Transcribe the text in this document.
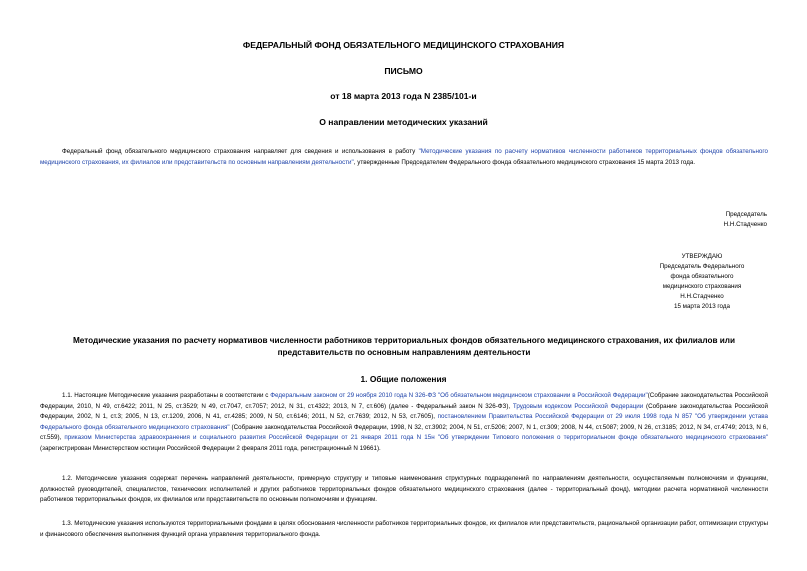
ФЕДЕРАЛЬНЫЙ ФОНД ОБЯЗАТЕЛЬНОГО МЕДИЦИНСКОГО СТРАХОВАНИЯ
ПИСЬМО
от 18 марта 2013 года N 2385/101-и
О направлении методических указаний
Федеральный фонд обязательного медицинского страхования направляет для сведения и использования в работу "Методические указания по расчету нормативов численности работников территориальных фондов обязательного медицинского страхования, их филиалов или представительств по основным направлениям деятельности", утвержденные Председателем Федерального фонда обязательного медицинского страхования 15 марта 2013 года.
Председатель
Н.Н.Стадченко
УТВЕРЖДАЮ
Председатель Федерального
фонда обязательного
медицинского страхования
Н.Н.Стадченко
15 марта 2013 года
Методические указания по расчету нормативов численности работников территориальных фондов обязательного медицинского страхования, их филиалов или представительств по основным направлениям деятельности
1. Общие положения
1.1. Настоящие Методические указания разработаны в соответствии с Федеральным законом от 29 ноября 2010 года N 326-ФЗ "Об обязательном медицинском страховании в Российской Федерации"(Собрание законодательства Российской Федерации, 2010, N 49, ст.6422; 2011, N 25, ст.3529; N 49, ст.7047, ст.7057; 2012, N 31, ст.4322; 2013, N 7, ст.606) (далее - Федеральный закон N 326-ФЗ), Трудовым кодексом Российской Федерации (Собрание законодательства Российской Федерации, 2002, N 1, ст.3; 2005, N 13, ст.1209, 2006, N 41, ст.4285; 2009, N 50, ст.6146; 2011, N 52, ст.7639; 2012, N 53, ст.7605), постановлением Правительства Российской Федерации от 29 июля 1998 года N 857 "Об утверждении устава Федерального фонда обязательного медицинского страхования" (Собрание законодательства Российской Федерации, 1998, N 32, ст.3902; 2004, N 51, ст.5206; 2007, N 1, ст.309; 2008, N 44, ст.5087; 2009, N 26, ст.3185; 2012, N 34, ст.4749; 2013, N 6, ст.559), приказом Министерства здравоохранения и социального развития Российской Федерации от 21 января 2011 года N 15н "Об утверждении Типового положения о территориальном фонде обязательного медицинского страхования" (зарегистрирован Министерством юстиции Российской Федерации 2 февраля 2011 года, регистрационный N 19661).
1.2. Методические указания содержат перечень направлений деятельности, примерную структуру и типовые наименования структурных подразделений по направлениям деятельности, осуществляемым полномочиям и функциям, должностей руководителей, специалистов, технических исполнителей и других работников территориальных фондов обязательного медицинского страхования (далее - территориальный фонд), методики расчета нормативной численности работников территориальных фондов, их филиалов или представительств по основным полномочиям и функциям.
1.3. Методические указания используются территориальными фондами в целях обоснования численности работников территориальных фондов, их филиалов или представительств, рациональной организации работ, оптимизации структуры и финансового обеспечения выполнения функций органа управления территориального фонда.
